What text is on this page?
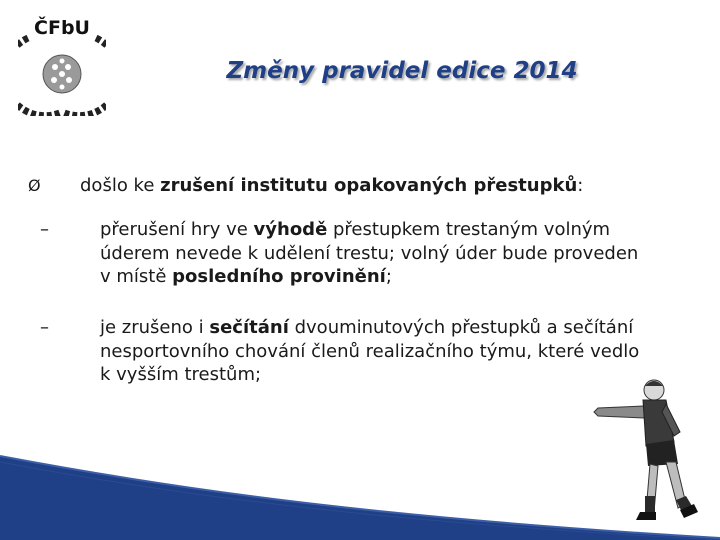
ČFbU
Změny pravidel edice 2014
Ø došlo ke zrušení institutu opakovaných přestupků:
–	přerušení hry ve výhodě přestupkem trestaným volným úderem nevede k udělení trestu; volný úder bude proveden v místě posledního provinění;
–	je zrušeno i sečítání dvouminutových přestupků a sečítání nesportovního chování členů realizačního týmu, které vedlo k vyšším trestům;
